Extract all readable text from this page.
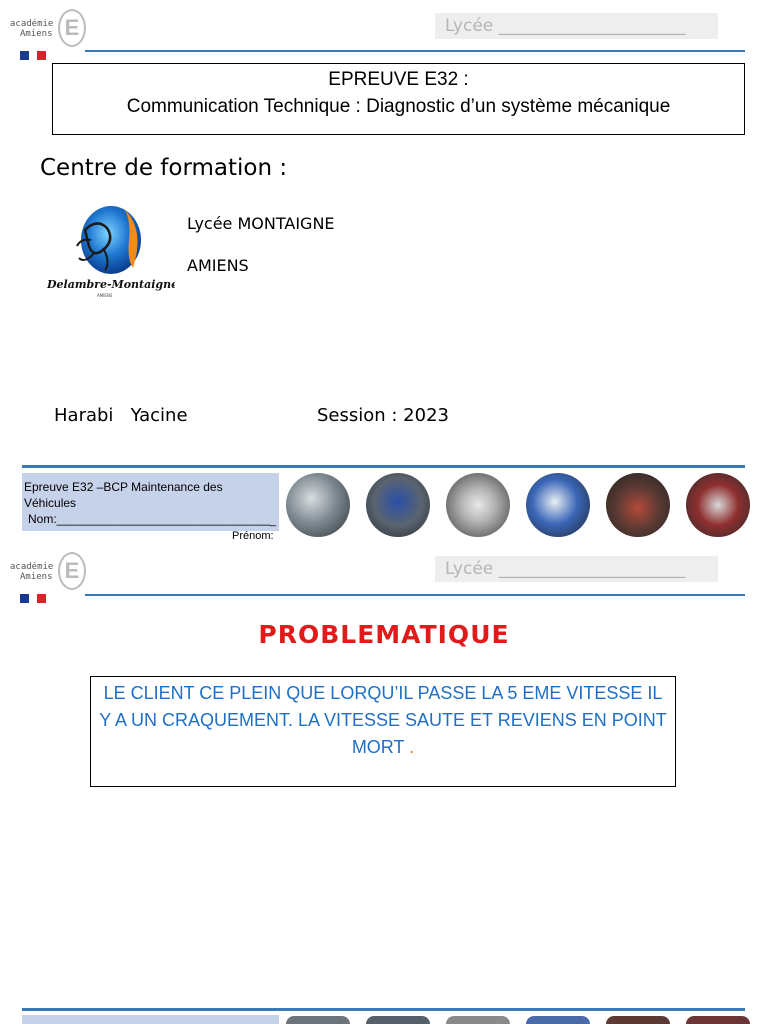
académie
Amiens E	Lycée ______________________
EPREUVE E32 :
Communication Technique : Diagnostic d’un système mécanique
Centre de formation :
Delambre-Montaigne
AMIENS
Lycée MONTAIGNE
AMIENS
Harabi   Yacine	Session : 2023
Epreuve E32 –BCP Maintenance des Véhicules
Nom:________________________________ _
Prénom:
académie
Amiens E	Lycée ______________________
PROBLEMATIQUE
LE CLIENT CE PLEIN QUE LORQU’IL PASSE LA 5 EME VITESSE IL Y A UN CRAQUEMENT. LA VITESSE SAUTE ET REVIENS EN POINT MORT .
